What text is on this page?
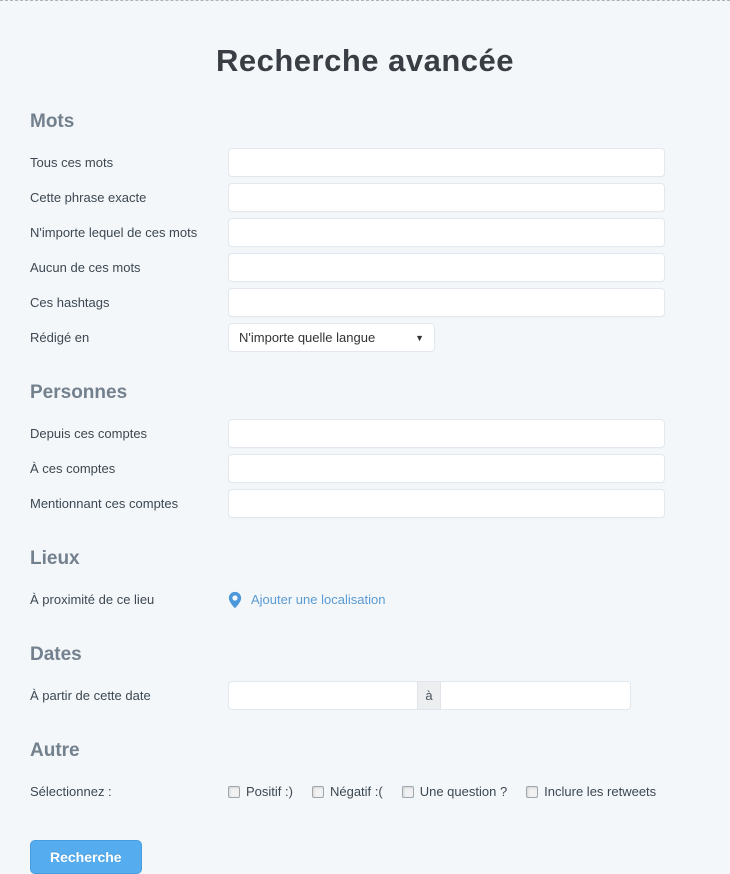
Recherche avancée
Mots
Tous ces mots
Cette phrase exacte
N'importe lequel de ces mots
Aucun de ces mots
Ces hashtags
Rédigé en	N'importe quelle langue	▼
Personnes
Depuis ces comptes
À ces comptes
Mentionnant ces comptes
Lieux
À proximité de ce lieu	Ajouter une localisation
Dates
À partir de cette date	à
Autre
Sélectionnez :	Positif :)	Négatif :(	Une question ?	Inclure les retweets
Recherche
